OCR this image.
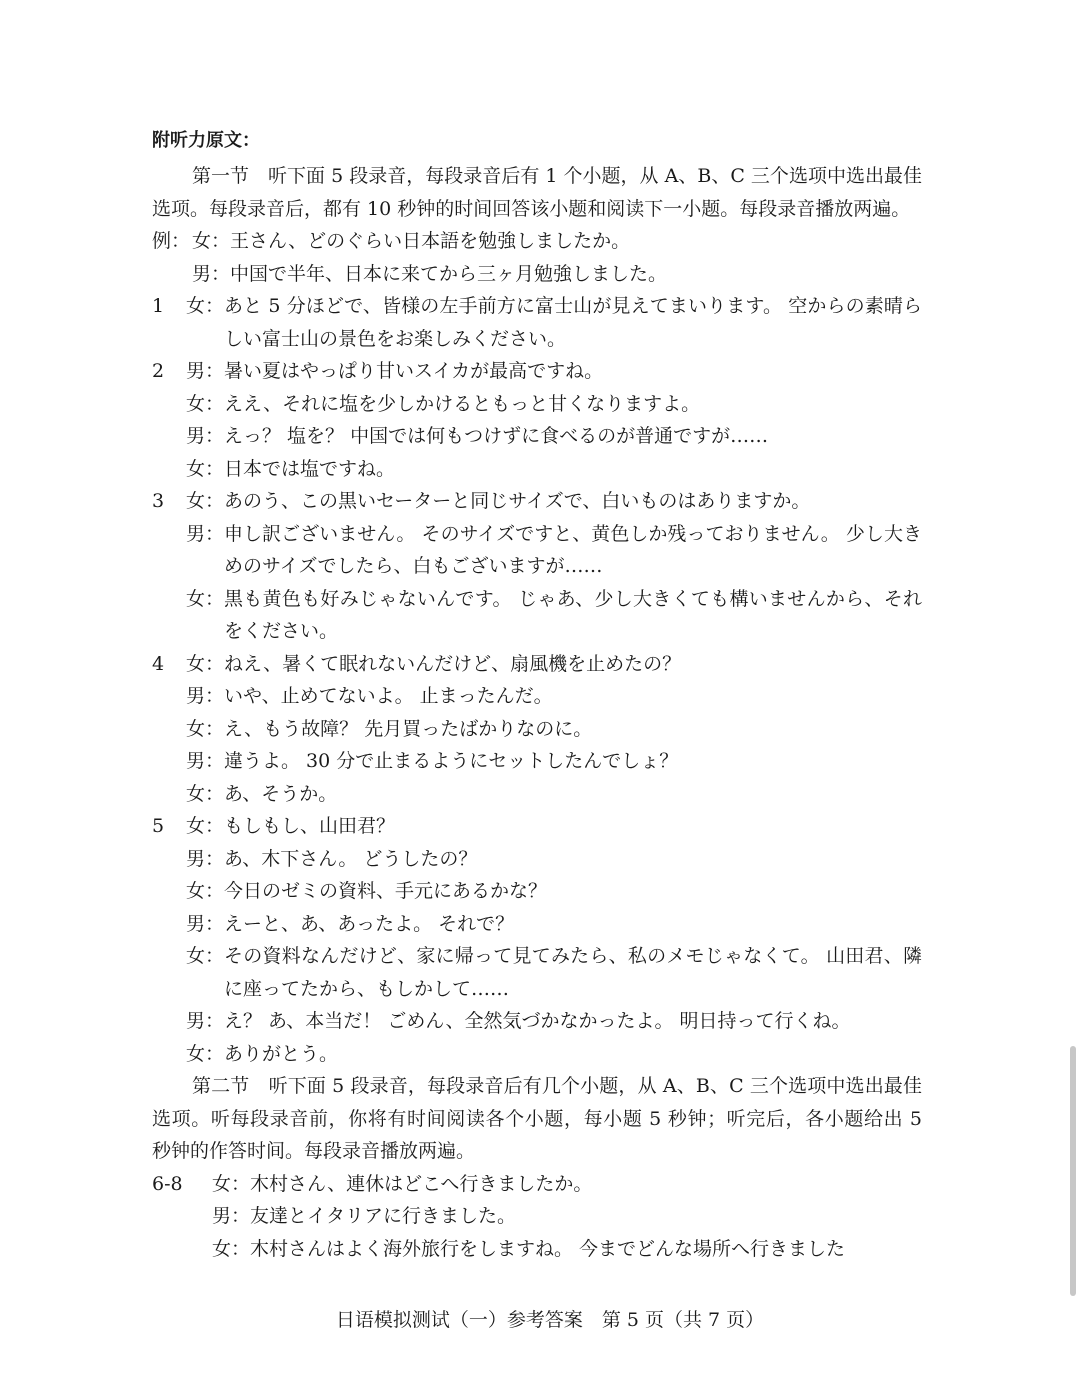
附听力原文：

第一节　听下面 5 段录音，每段录音后有 1 个小题，从 A、B、C 三个选项中选出最佳选项。每段录音后，都有 10 秒钟的时间回答该小题和阅读下一小题。每段录音播放两遍。

例： 女： 王さん、どのぐらい日本語を勉強しましたか。
男： 中国で半年、日本に来てから三ヶ月勉強しました。
1	女： あと 5 分ほどで、皆様の左手前方に富士山が見えてまいります。 空からの素晴らしい富士山の景色をお楽しみください。
2	男： 暑い夏はやっぱり甘いスイカが最高ですね。
女： ええ、それに塩を少しかけるともっと甘くなりますよ。
男： えっ？ 塩を？ 中国では何もつけずに食べるのが普通ですが……
女： 日本では塩ですね。
3	女： あのう、この黒いセーターと同じサイズで、白いものはありますか。
男： 申し訳ございません。 そのサイズですと、黄色しか残っておりません。 少し大きめのサイズでしたら、白もございますが……
女： 黒も黄色も好みじゃないんです。 じゃあ、少し大きくても構いませんから、それをください。
4	女： ねえ、暑くて眠れないんだけど、扇風機を止めたの？
男： いや、止めてないよ。 止まったんだ。
女： え、もう故障？ 先月買ったばかりなのに。
男： 違うよ。 30 分で止まるようにセットしたんでしょ？
女： あ、そうか。
5	女： もしもし、山田君？
男： あ、木下さん。 どうしたの？
女： 今日のゼミの資料、手元にあるかな？
男： えーと、あ、あったよ。 それで？
女： その資料なんだけど、家に帰って見てみたら、私のメモじゃなくて。 山田君、隣に座ってたから、もしかして……
男： え？ あ、本当だ！ ごめん、全然気づかなかったよ。 明日持って行くね。
女： ありがとう。

第二节　听下面 5 段录音，每段录音后有几个小题，从 A、B、C 三个选项中选出最佳选项。听每段录音前，你将有时间阅读各个小题，每小题 5 秒钟；听完后，各小题给出 5 秒钟的作答时间。每段录音播放两遍。

6-8	女： 木村さん、連休はどこへ行きましたか。
男： 友達とイタリアに行きました。
女： 木村さんはよく海外旅行をしますね。 今までどんな場所へ行きました
日语模拟测试（一）参考答案　第 5 页（共 7 页）
